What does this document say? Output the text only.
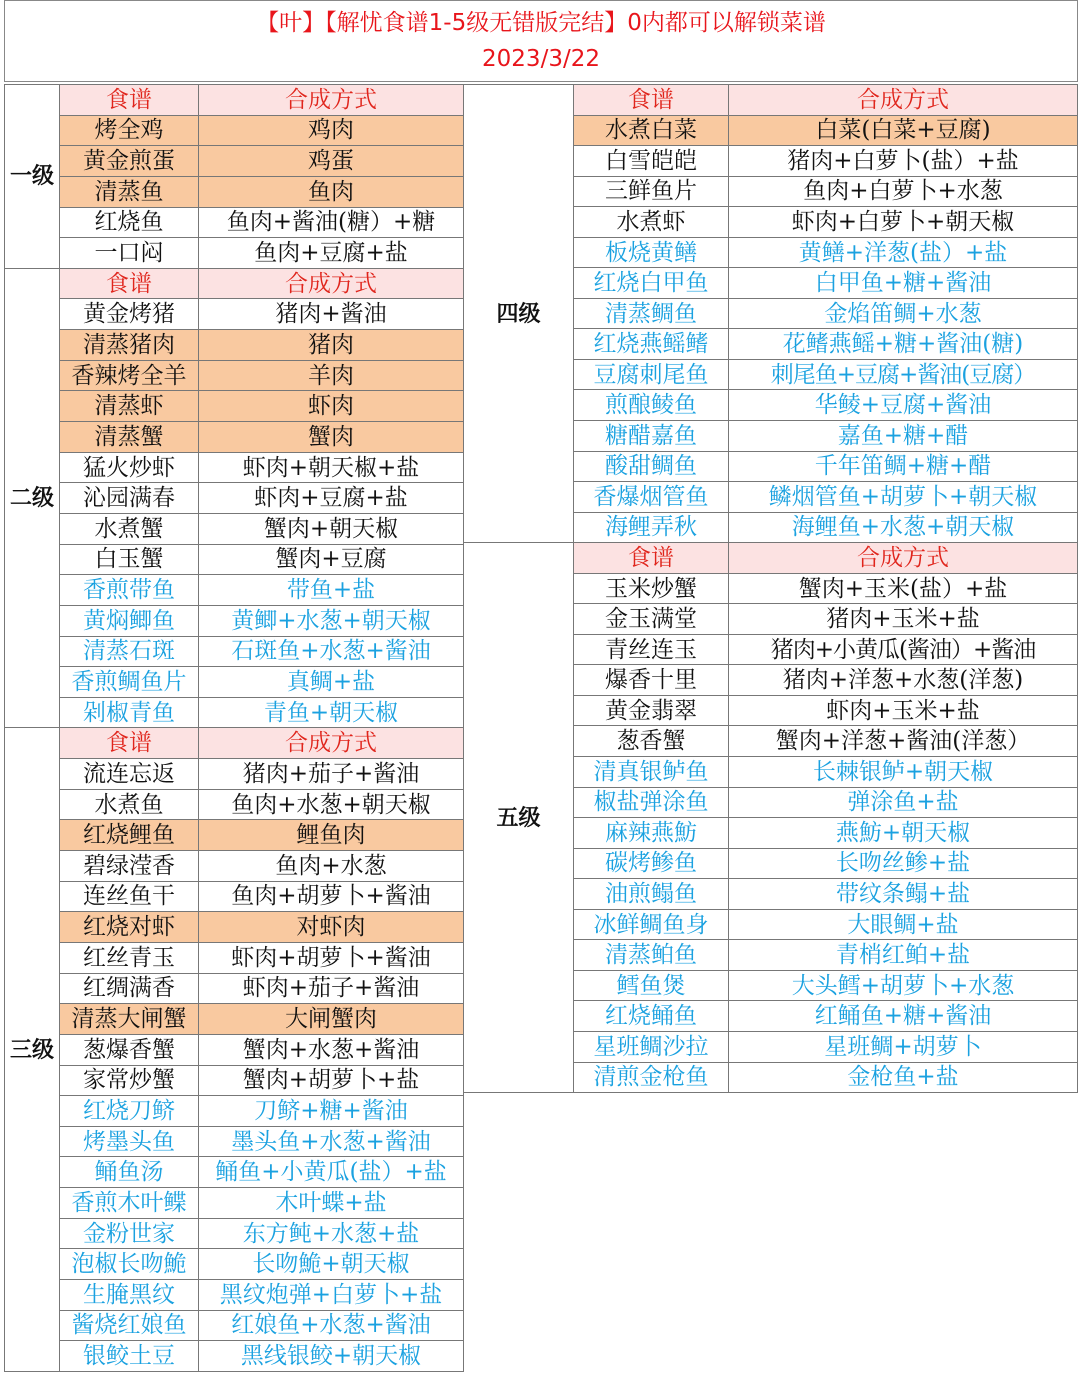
【叶】【解忧食谱1-5级无错版完结】0内都可以解锁菜谱
2023/3/22
一级	食谱	合成方式
	烤全鸡	鸡肉
	黄金煎蛋	鸡蛋
	清蒸鱼	鱼肉
	红烧鱼	鱼肉+酱油(糖）+糖
	一口闷	鱼肉+豆腐+盐
二级	食谱	合成方式
	黄金烤猪	猪肉+酱油
	清蒸猪肉	猪肉
	香辣烤全羊	羊肉
	清蒸虾	虾肉
	清蒸蟹	蟹肉
	猛火炒虾	虾肉+朝天椒+盐
	沁园满春	虾肉+豆腐+盐
	水煮蟹	蟹肉+朝天椒
	白玉蟹	蟹肉+豆腐
	香煎带鱼	带鱼+盐
	黄焖鲫鱼	黄鲫+水葱+朝天椒
	清蒸石斑	石斑鱼+水葱+酱油
	香煎鲷鱼片	真鲷+盐
	剁椒青鱼	青鱼+朝天椒
三级	食谱	合成方式
	流连忘返	猪肉+茄子+酱油
	水煮鱼	鱼肉+水葱+朝天椒
	红烧鲤鱼	鲤鱼肉
	碧绿滢香	鱼肉+水葱
	连丝鱼干	鱼肉+胡萝卜+酱油
	红烧对虾	对虾肉
	红丝青玉	虾肉+胡萝卜+酱油
	红绸满香	虾肉+茄子+酱油
	清蒸大闸蟹	大闸蟹肉
	葱爆香蟹	蟹肉+水葱+酱油
	家常炒蟹	蟹肉+胡萝卜+盐
	红烧刀鲚	刀鲚+糖+酱油
	烤墨头鱼	墨头鱼+水葱+酱油
	鲬鱼汤	鲬鱼+小黄瓜(盐）+盐
	香煎木叶鲽	木叶蝶+盐
	金粉世家	东方鲀+水葱+盐
	泡椒长吻鮠	长吻鮠+朝天椒
	生腌黑纹	黑纹炮弹+白萝卜+盐
	酱烧红娘鱼	红娘鱼+水葱+酱油
	银鲛土豆	黑线银鲛+朝天椒
四级	食谱	合成方式
	水煮白菜	白菜(白菜+豆腐)
	白雪皑皑	猪肉+白萝卜(盐）+盐
	三鲜鱼片	鱼肉+白萝卜+水葱
	水煮虾	虾肉+白萝卜+朝天椒
	板烧黄鳝	黄鳝+洋葱(盐）+盐
	红烧白甲鱼	白甲鱼+糖+酱油
	清蒸鲷鱼	金焰笛鲷+水葱
	红烧燕鳐鳍	花鳍燕鳐+糖+酱油(糖)
	豆腐刺尾鱼	刺尾鱼+豆腐+酱油(豆腐）
	煎酿鲮鱼	华鲮+豆腐+酱油
	糖醋嘉鱼	嘉鱼+糖+醋
	酸甜鲷鱼	千年笛鲷+糖+醋
	香爆烟管鱼	鳞烟管鱼+胡萝卜+朝天椒
	海鲤弄秋	海鲤鱼+水葱+朝天椒
五级	食谱	合成方式
	玉米炒蟹	蟹肉+玉米(盐）+盐
	金玉满堂	猪肉+玉米+盐
	青丝连玉	猪肉+小黄瓜(酱油）+酱油
	爆香十里	猪肉+洋葱+水葱(洋葱)
	黄金翡翠	虾肉+玉米+盐
	葱香蟹	蟹肉+洋葱+酱油(洋葱）
	清真银鲈鱼	长棘银鲈+朝天椒
	椒盐弹涂鱼	弹涂鱼+盐
	麻辣燕魴	燕魴+朝天椒
	碳烤鲹鱼	长吻丝鲹+盐
	油煎鳎鱼	带纹条鳎+盐
	冰鲜鲷鱼身	大眼鲷+盐
	清蒸鲌鱼	青梢红鲌+盐
	鳕鱼煲	大头鳕+胡萝卜+水葱
	红烧鲬鱼	红鲬鱼+糖+酱油
	星班鲷沙拉	星班鲷+胡萝卜
	清煎金枪鱼	金枪鱼+盐
